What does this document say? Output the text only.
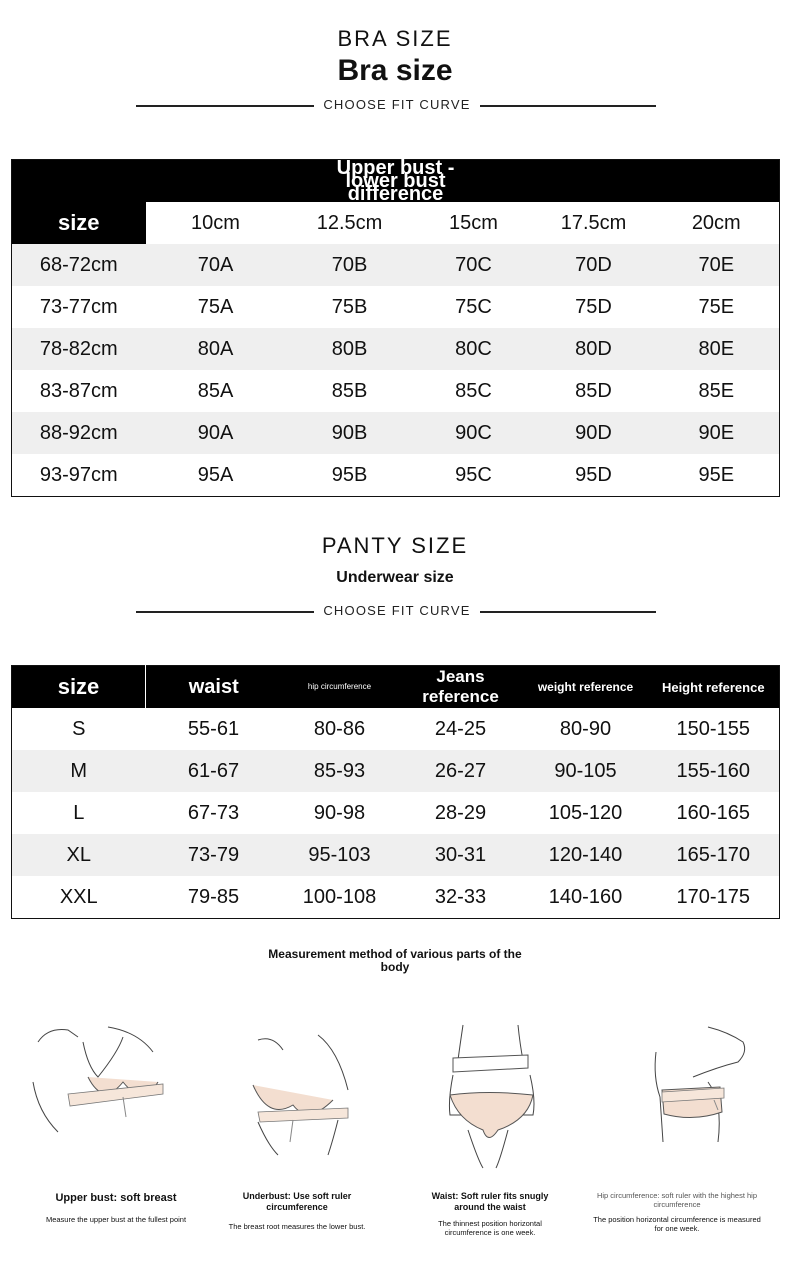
BRA SIZE
Bra size
CHOOSE FIT CURVE
Upper bust - lower bust difference					

size	10cm	12.5cm	15cm	17.5cm	20cm
68-72cm	70A	70B	70C	70D	70E
73-77cm	75A	75B	75C	75D	75E
78-82cm	80A	80B	80C	80D	80E
83-87cm	85A	85B	85C	85D	85E
88-92cm	90A	90B	90C	90D	90E
93-97cm	95A	95B	95C	95D	95E
PANTY SIZE
Underwear size
CHOOSE FIT CURVE
size	waist	hip circumference	Jeans reference	weight reference	Height reference
S	55-61	80-86	24-25	80-90	150-155
M	61-67	85-93	26-27	90-105	155-160
L	67-73	90-98	28-29	105-120	160-165
XL	73-79	95-103	30-31	120-140	165-170
XXL	79-85	100-108	32-33	140-160	170-175
Measurement method of various parts of the body
Upper bust: soft breast
Measure the upper bust at the fullest point
Underbust: Use soft ruler circumference
The breast root measures the lower bust.
Waist: Soft ruler fits snugly around the waist
The thinnest position horizontal circumference is one week.
Hip circumference: soft ruler with the highest hip circumference
The position horizontal circumference is measured for one week.
